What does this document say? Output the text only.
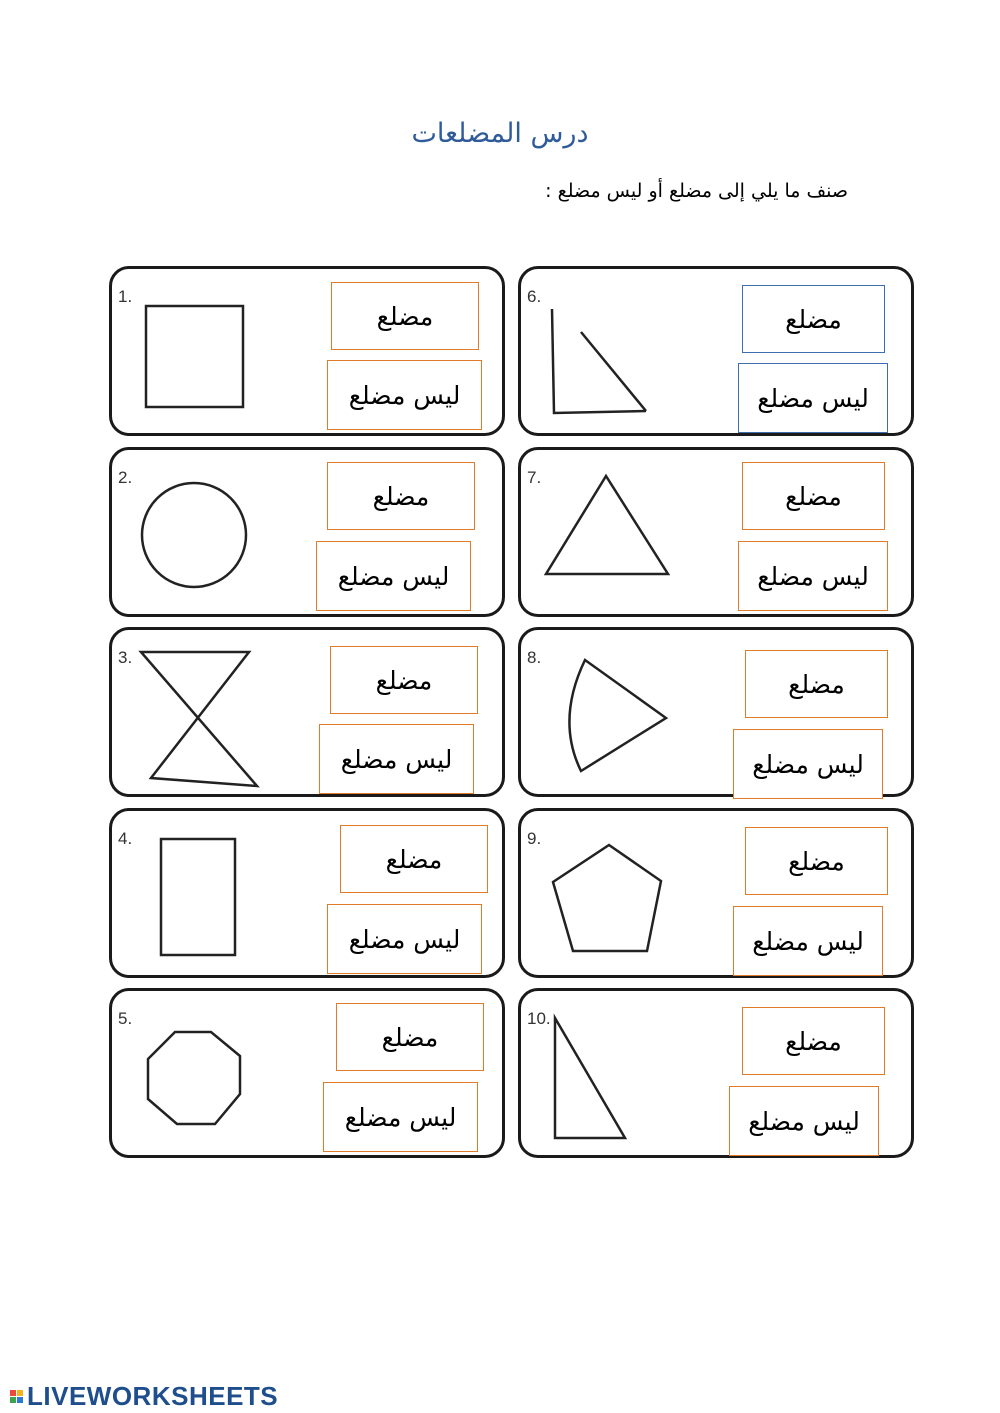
درس المضلعات
صنف ما يلي إلى مضلع أو ليس مضلع :
1.
مضلع
ليس مضلع
2.
مضلع
ليس مضلع
3.
مضلع
ليس مضلع
4.
مضلع
ليس مضلع
5.
مضلع
ليس مضلع
6.
مضلع
ليس مضلع
7.
مضلع
ليس مضلع
8.
مضلع
ليس مضلع
9.
مضلع
ليس مضلع
10.
مضلع
ليس مضلع
LIVEWORKSHEETS
